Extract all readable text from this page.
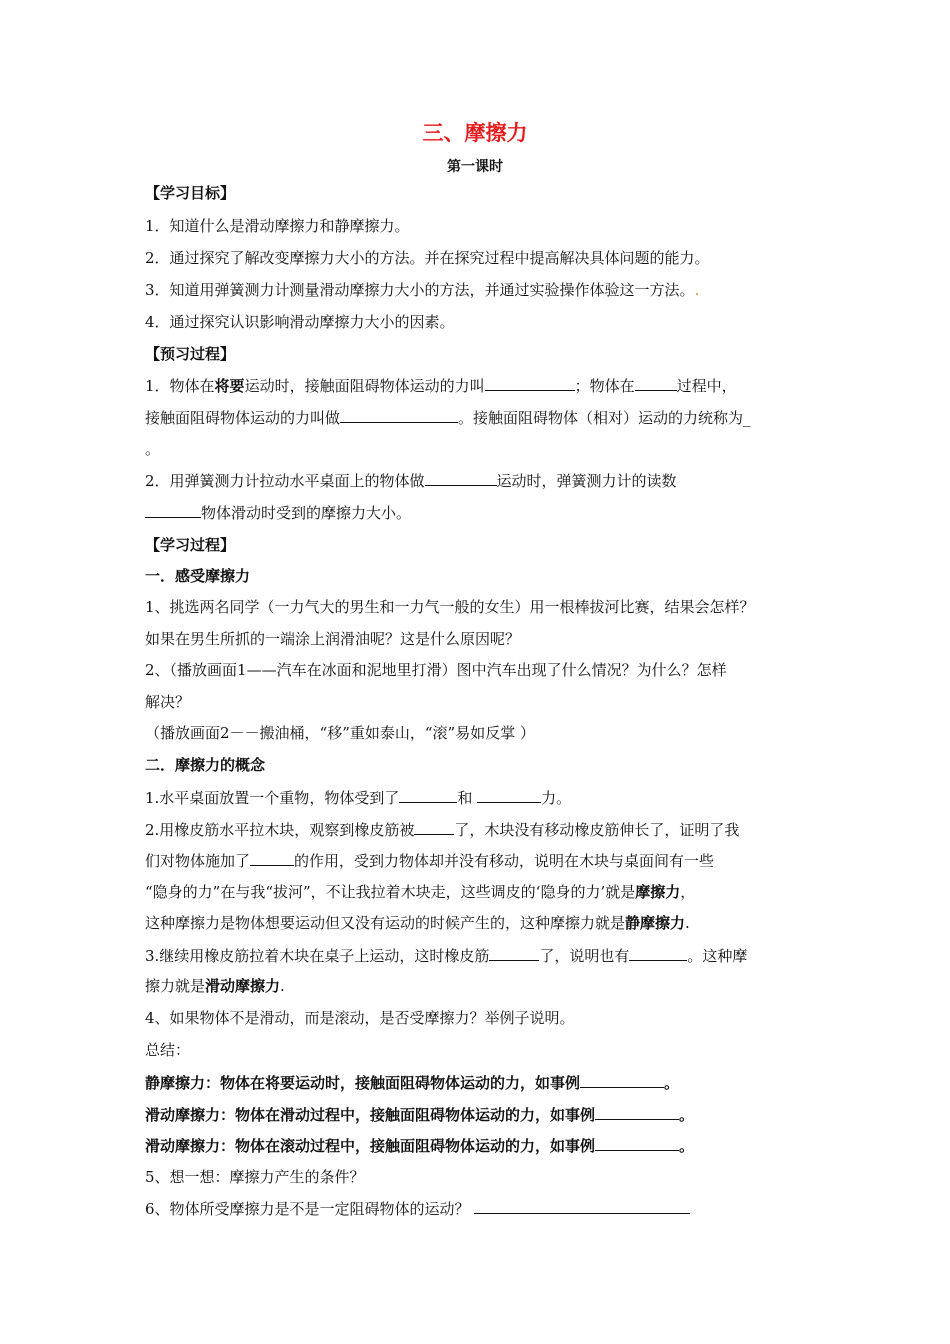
三、摩擦力
第一课时
【学习目标】
1．知道什么是滑动摩擦力和静摩擦力。
2．通过探究了解改变摩擦力大小的方法。并在探究过程中提高解决具体问题的能力。
3．知道用弹簧测力计测量滑动摩擦力大小的方法，并通过实验操作体验这一方法。.
4．通过探究认识影响滑动摩擦力大小的因素。
【预习过程】
1．物体在将要运动时，接触面阻碍物体运动的力叫	；物体在	过程中，
接触面阻碍物体运动的力叫做	。接触面阻碍物体（相对）运动的力统称为_
。
2．用弹簧测力计拉动水平桌面上的物体做	运动时，弹簧测力计的读数
物体滑动时受到的摩擦力大小。
【学习过程】
一．感受摩擦力
1、挑选两名同学（一力气大的男生和一力气一般的女生）用一根棒拔河比赛，结果会怎样？
如果在男生所抓的一端涂上润滑油呢？这是什么原因呢？
2、（播放画面1——汽车在冰面和泥地里打滑）图中汽车出现了什么情况？为什么？怎样
解决？
（播放画面2－－搬油桶，“移”重如泰山，“滚”易如反掌 ）
二．摩擦力的概念
1.水平桌面放置一个重物，物体受到了	和	力。
2.用橡皮筋水平拉木块，观察到橡皮筋被	了，木块没有移动橡皮筋伸长了，证明了我
们对物体施加了	的作用，受到力物体却并没有移动，说明在木块与桌面间有一些
“隐身的力”在与我“拔河”，不让我拉着木块走，这些调皮的‘隐身的力’就是摩擦力，
这种摩擦力是物体想要运动但又没有运动的时候产生的，这种摩擦力就是静摩擦力.
3.继续用橡皮筋拉着木块在桌子上运动，这时橡皮筋	了，说明也有	。这种摩
擦力就是滑动摩擦力.
4、如果物体不是滑动，而是滚动，是否受摩擦力？举例子说明。
总结：
静摩擦力：物体在将要运动时，接触面阻碍物体运动的力，如事例	。
滑动摩擦力：物体在滑动过程中，接触面阻碍物体运动的力，如事例	。
滑动摩擦力：物体在滚动过程中，接触面阻碍物体运动的力，如事例	。
5、想一想：摩擦力产生的条件？
6、物体所受摩擦力是不是一定阻碍物体的运动？
